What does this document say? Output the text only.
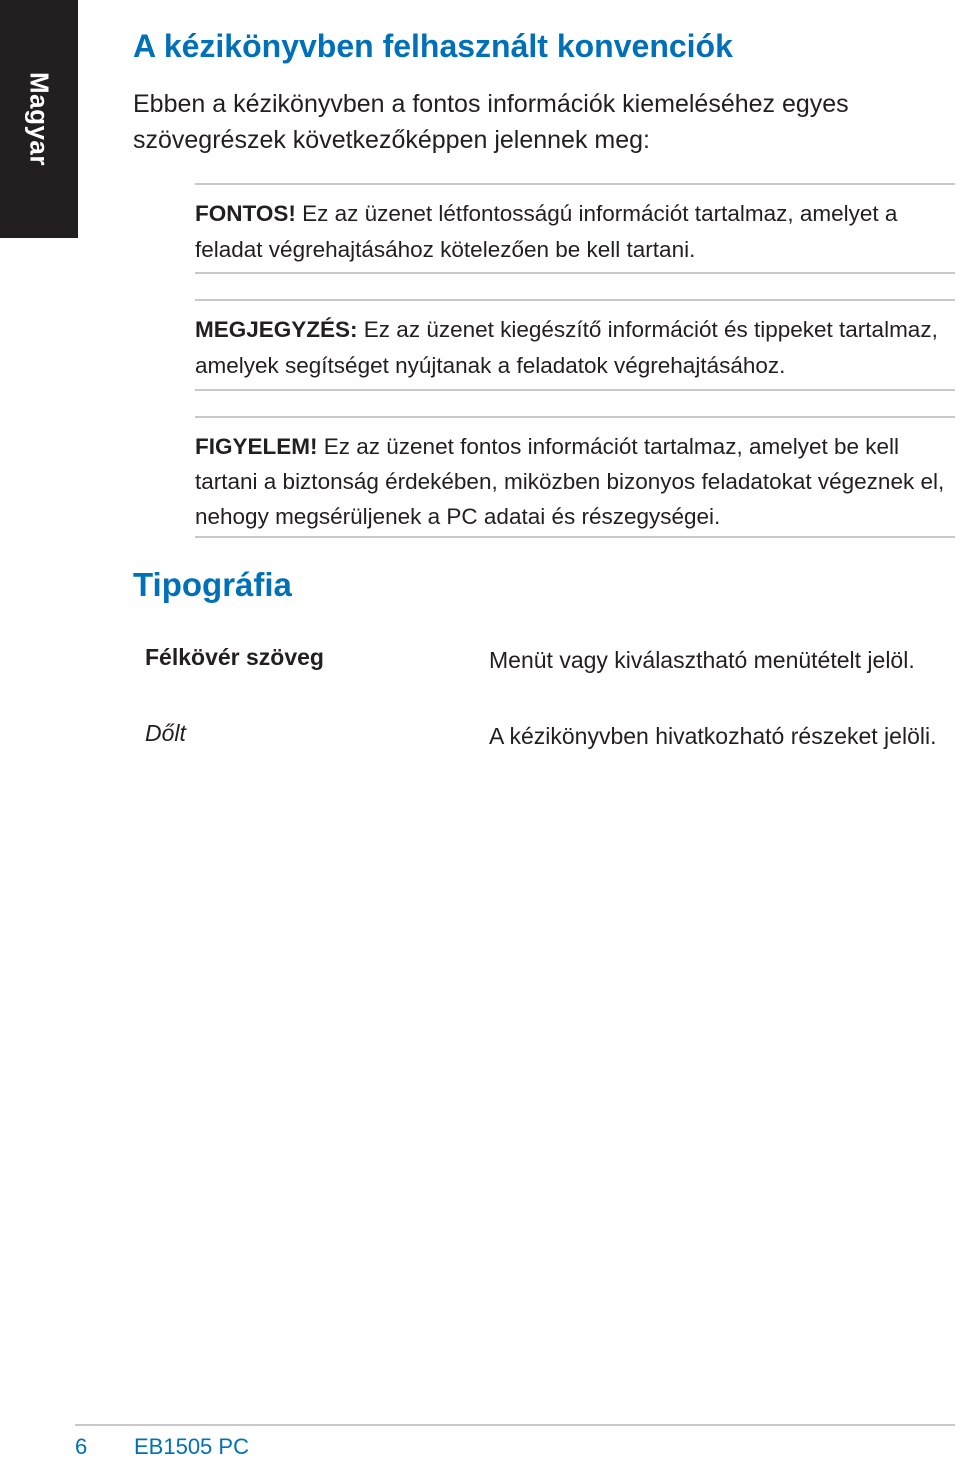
Magyar
A kézikönyvben felhasznált konvenciók

Ebben a kézikönyvben a fontos információk kiemeléséhez egyes szövegrészek következőképpen jelennek meg:

FONTOS! Ez az üzenet létfontosságú információt tartalmaz, amelyet a feladat végrehajtásához kötelezően be kell tartani.

MEGJEGYZÉS: Ez az üzenet kiegészítő információt és tippeket tartalmaz, amelyek segítséget nyújtanak a feladatok végrehajtásához.

FIGYELEM! Ez az üzenet fontos információt tartalmaz, amelyet be kell tartani a biztonság érdekében, miközben bizonyos feladatokat végeznek el, nehogy megsérüljenek a PC adatai és részegységei.

Tipográfia
Félkövér szöveg	Menüt vagy kiválasztható menütételt jelöl.
Dőlt	A kézikönyvben hivatkozható részeket jelöli.
6 EB1505 PC
